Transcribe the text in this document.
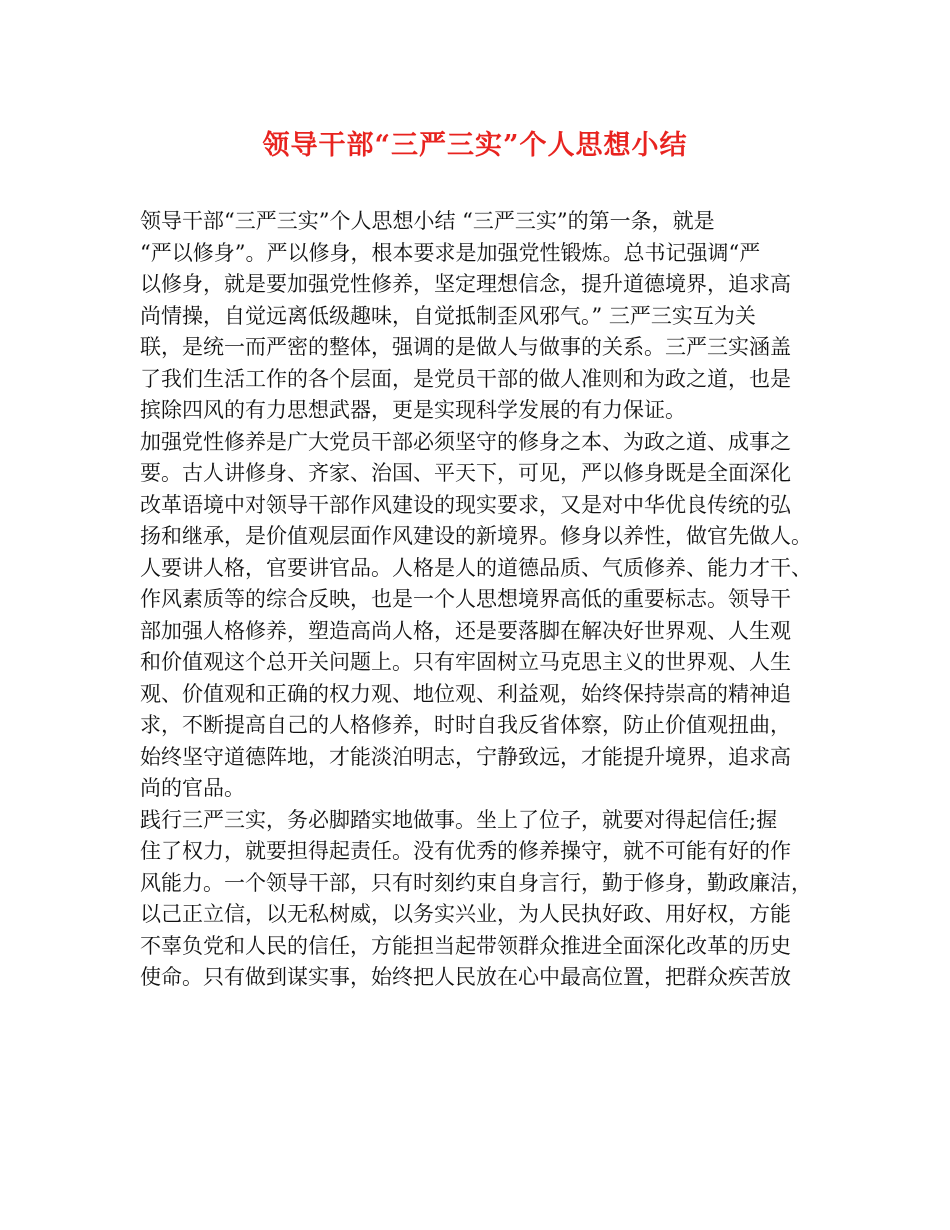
领导干部“三严三实”个人思想小结
领导干部“三严三实”个人思想小结 “三严三实”的第一条，就是
“严以修身”。严以修身，根本要求是加强党性锻炼。总书记强调“严
以修身，就是要加强党性修养，坚定理想信念，提升道德境界，追求高
尚情操，自觉远离低级趣味，自觉抵制歪风邪气。” 三严三实互为关
联，是统一而严密的整体，强调的是做人与做事的关系。三严三实涵盖
了我们生活工作的各个层面，是党员干部的做人准则和为政之道，也是
摈除四风的有力思想武器，更是实现科学发展的有力保证。
加强党性修养是广大党员干部必须坚守的修身之本、为政之道、成事之
要。古人讲修身、齐家、治国、平天下，可见，严以修身既是全面深化
改革语境中对领导干部作风建设的现实要求，又是对中华优良传统的弘
扬和继承，是价值观层面作风建设的新境界。修身以养性，做官先做人。
人要讲人格，官要讲官品。人格是人的道德品质、气质修养、能力才干、
作风素质等的综合反映，也是一个人思想境界高低的重要标志。领导干
部加强人格修养，塑造高尚人格，还是要落脚在解决好世界观、人生观
和价值观这个总开关问题上。只有牢固树立马克思主义的世界观、人生
观、价值观和正确的权力观、地位观、利益观，始终保持崇高的精神追
求，不断提高自己的人格修养，时时自我反省体察，防止价值观扭曲，
始终坚守道德阵地，才能淡泊明志，宁静致远，才能提升境界，追求高
尚的官品。
践行三严三实，务必脚踏实地做事。坐上了位子，就要对得起信任;握
住了权力，就要担得起责任。没有优秀的修养操守，就不可能有好的作
风能力。一个领导干部，只有时刻约束自身言行，勤于修身，勤政廉洁，
以己正立信，以无私树威，以务实兴业，为人民执好政、用好权，方能
不辜负党和人民的信任，方能担当起带领群众推进全面深化改革的历史
使命。只有做到谋实事，始终把人民放在心中最高位置，把群众疾苦放
